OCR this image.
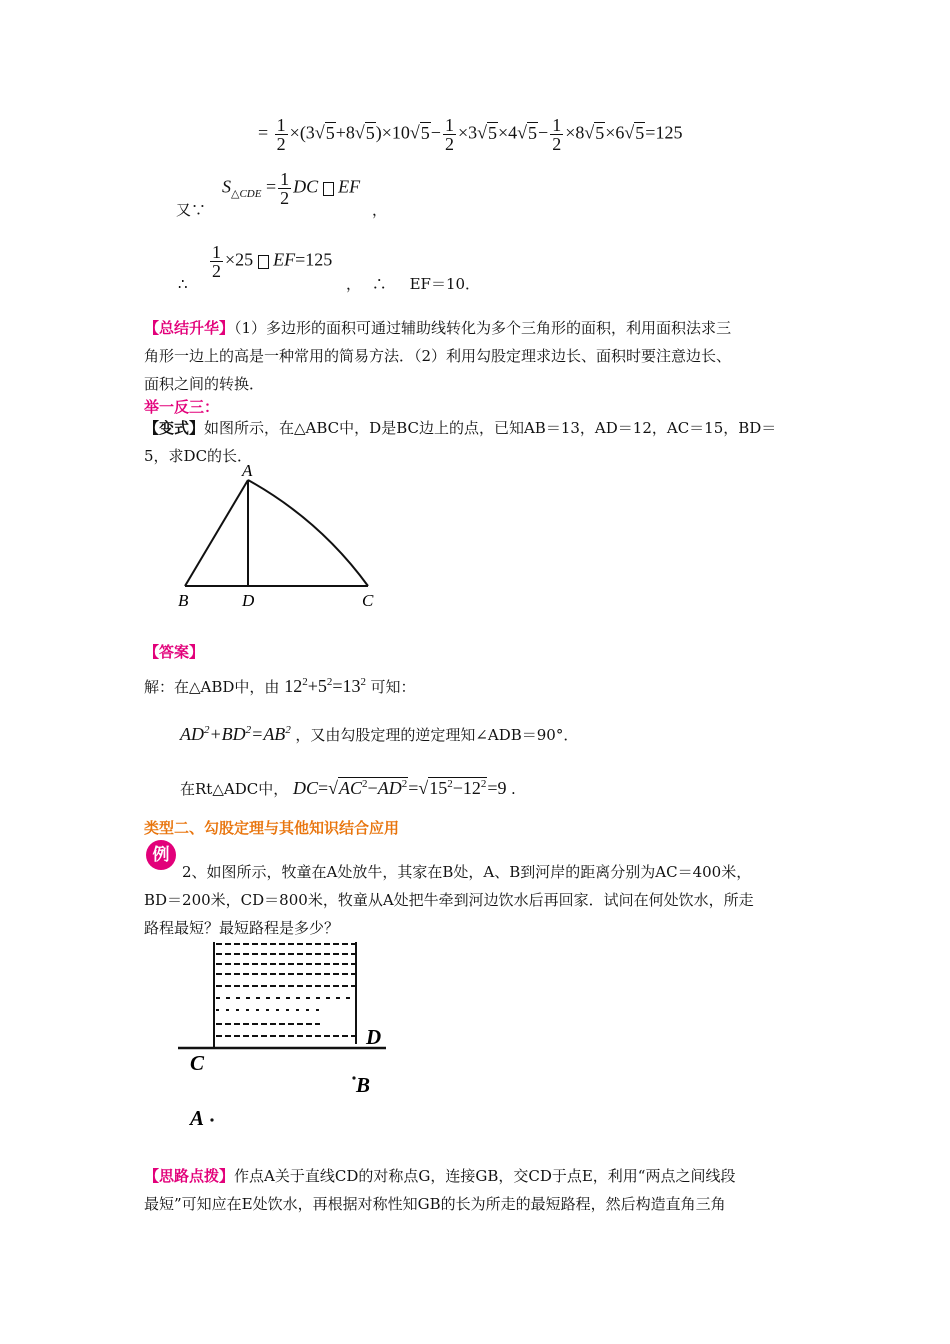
= $\frac{1}{2} \times(3√5+8√5)\times 10√5- \frac{1}{2} \times 3√5\times 4√5- \frac{1}{2} \times 8√5\times 6√5=125$
又∵
$S_{\triangle CDE} = \frac{1}{2}$ DC EF
，
∴
$\frac{1}{2} \times 25$ EF=125
， ∴ EF＝10．
【总结升华】（1）多边形的面积可通过辅助线转化为多个三角形的面积，利用面积法求三
角形一边上的高是一种常用的简易方法．（2）利用勾股定理求边长、面积时要注意边长、
面积之间的转换．
举一反三：
【变式】如图所示，在△ABC中，D是BC边上的点，已知AB＝13，AD＝12，AC＝15，BD＝
5，求DC的长．
A
B	D	C
【答案】
解：在△ABD中，由 $12^2+5^2=13^2$ 可知：
$AD^2+BD^2=AB^2$ ，又由勾股定理的逆定理知∠ADB＝90°．
在Rt△ADC中， $DC=√AC^2-AD^2=√15^2-12^2=9$ .
类型二、勾股定理与其他知识结合应用
例
2、如图所示，牧童在A处放牛，其家在B处，A、B到河岸的距离分别为AC＝400米，
BD＝200米，CD＝800米，牧童从A处把牛牵到河边饮水后再回家．试问在何处饮水，所走
路程最短？最短路程是多少？
D
C
B
A
【思路点拨】作点A关于直线CD的对称点G，连接GB，交CD于点E，利用“两点之间线段
最短”可知应在E处饮水，再根据对称性知GB的长为所走的最短路程，然后构造直角三角
